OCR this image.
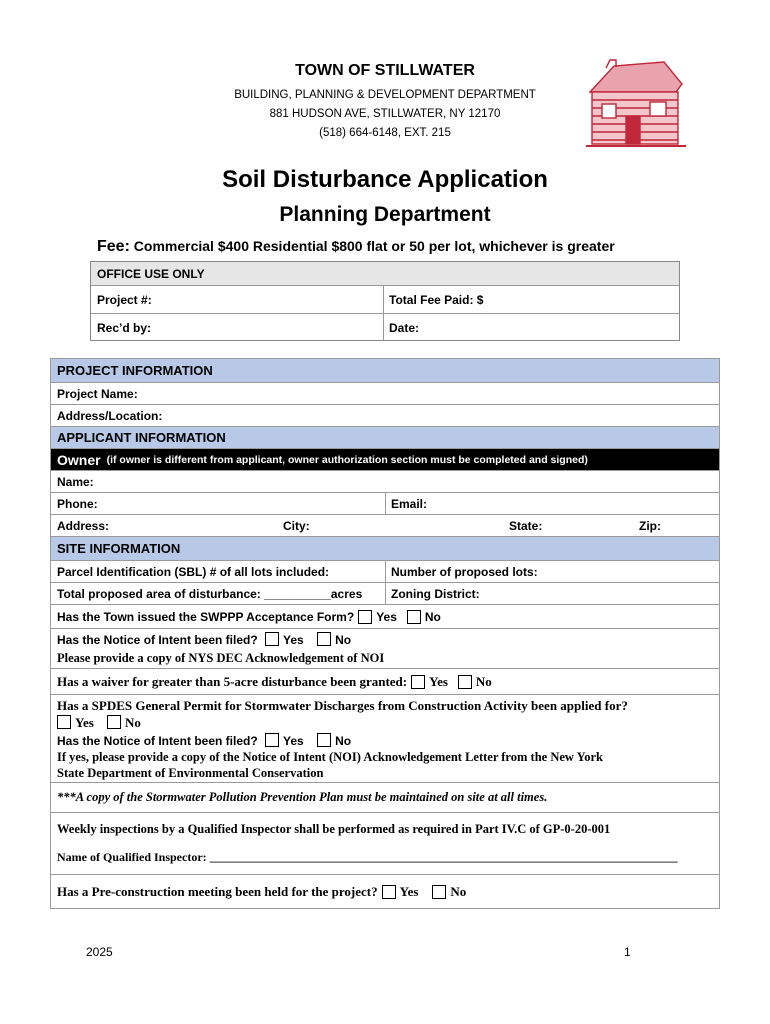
TOWN OF STILLWATER
BUILDING, PLANNING & DEVELOPMENT DEPARTMENT
881 HUDSON AVE, STILLWATER, NY 12170
(518) 664-6148, EXT. 215
Soil Disturbance Application
Planning Department
Fee: Commercial $400 Residential $800 flat or 50 per lot, whichever is greater
OFFICE USE ONLY
Project #:	Total Fee Paid: $
Rec’d by:	Date:
PROJECT INFORMATION
Project Name:
Address/Location:
APPLICANT INFORMATION
Owner (if owner is different from applicant, owner authorization section must be completed and signed)
Name:
Phone:	Email:
Address:	City:	State:	Zip:
SITE INFORMATION
Parcel Identification (SBL) # of all lots included:	Number of proposed lots:
Total proposed area of disturbance: __________acres	Zoning District:
Has the Town issued the SWPPP Acceptance Form? Yes No
Has the Notice of Intent been filed? Yes	No
Please provide a copy of NYS DEC Acknowledgement of NOI
Has a waiver for greater than 5-acre disturbance been granted: Yes No
Has a SPDES General Permit for Stormwater Discharges from Construction Activity been applied for?
Yes No
Has the Notice of Intent been filed? Yes	No
If yes, please provide a copy of the Notice of Intent (NOI) Acknowledgement Letter from the New York
State Department of Environmental Conservation
***A copy of the Stormwater Pollution Prevention Plan must be maintained on site at all times.
Weekly inspections by a Qualified Inspector shall be performed as required in Part IV.C of GP-0-20-001
Name of Qualified Inspector: ______________________________________________________________________________
Has a Pre-construction meeting been held for the project? Yes No
2025	1
